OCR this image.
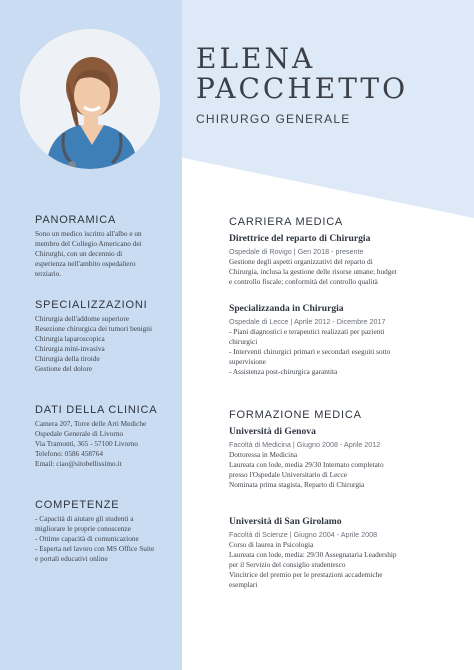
ELENA
PACCHETTO
CHIRURGO GENERALE
PANORAMICA
Sono un medico iscritto all'albo e un
membro del Collegio Americano dei
Chirurghi, con un decennio di
esperienza nell'ambito ospedaliero
terziario.
SPECIALIZZAZIONI
Chirurgia dell'addome superiore
Resezione chirurgica dei tumori benigni
Chirurgia laparoscopica
Chirurgia mini-invasiva
Chirurgia della tiroide
Gestione del dolore
DATI DELLA CLINICA
Camera 207, Torre delle Arti Mediche
Ospedale Generale di Livorno
Via Tramonti, 365 - 57100 Livorno
Telefono: 0586 458764
Email: ciao@sitobellissimo.it
COMPETENZE
- Capacità di aiutare gli studenti a
migliorare le proprie conoscenze
- Ottime capacità di comunicazione
- Esperta nel lavoro con MS Office Suite
e portali educativi online
CARRIERA MEDICA
Direttrice del reparto di Chirurgia
Ospedale di Rovigo | Gen 2018 - presente
Gestione degli aspetti organizzativi del reparto di
Chirurgia, inclusa la gestione delle risorse umane; budget
e controllo fiscale; conformità del controllo qualità
Specializzanda in Chirurgia
Ospedale di Lecce | Aprile 2012 - Dicembre 2017
- Piani diagnostici e terapeutici realizzati per pazienti
chirurgici
- Interventi chirurgici primari e secondari eseguiti sotto
supervisione
- Assistenza post-chirurgica garantita
FORMAZIONE MEDICA
Università di Genova
Facoltà di Medicina | Giugno 2008 - Aprile 2012
Dottoressa in Medicina
Laureata con lode, media 29/30 Internato completato
presso l'Ospedale Universitario di Lecce
Nominata prima stagista, Reparto di Chirurgia
Università di San Girolamo
Facoltà di Scienze | Giugno 2004 - Aprile 2008
Corso di laurea in Psicologia
Laureata con lode, media: 29/30 Assegnataria Leadership
per il Servizio del consiglio studentesco
Vincitrice del premio per le prestazioni accademiche
esemplari
